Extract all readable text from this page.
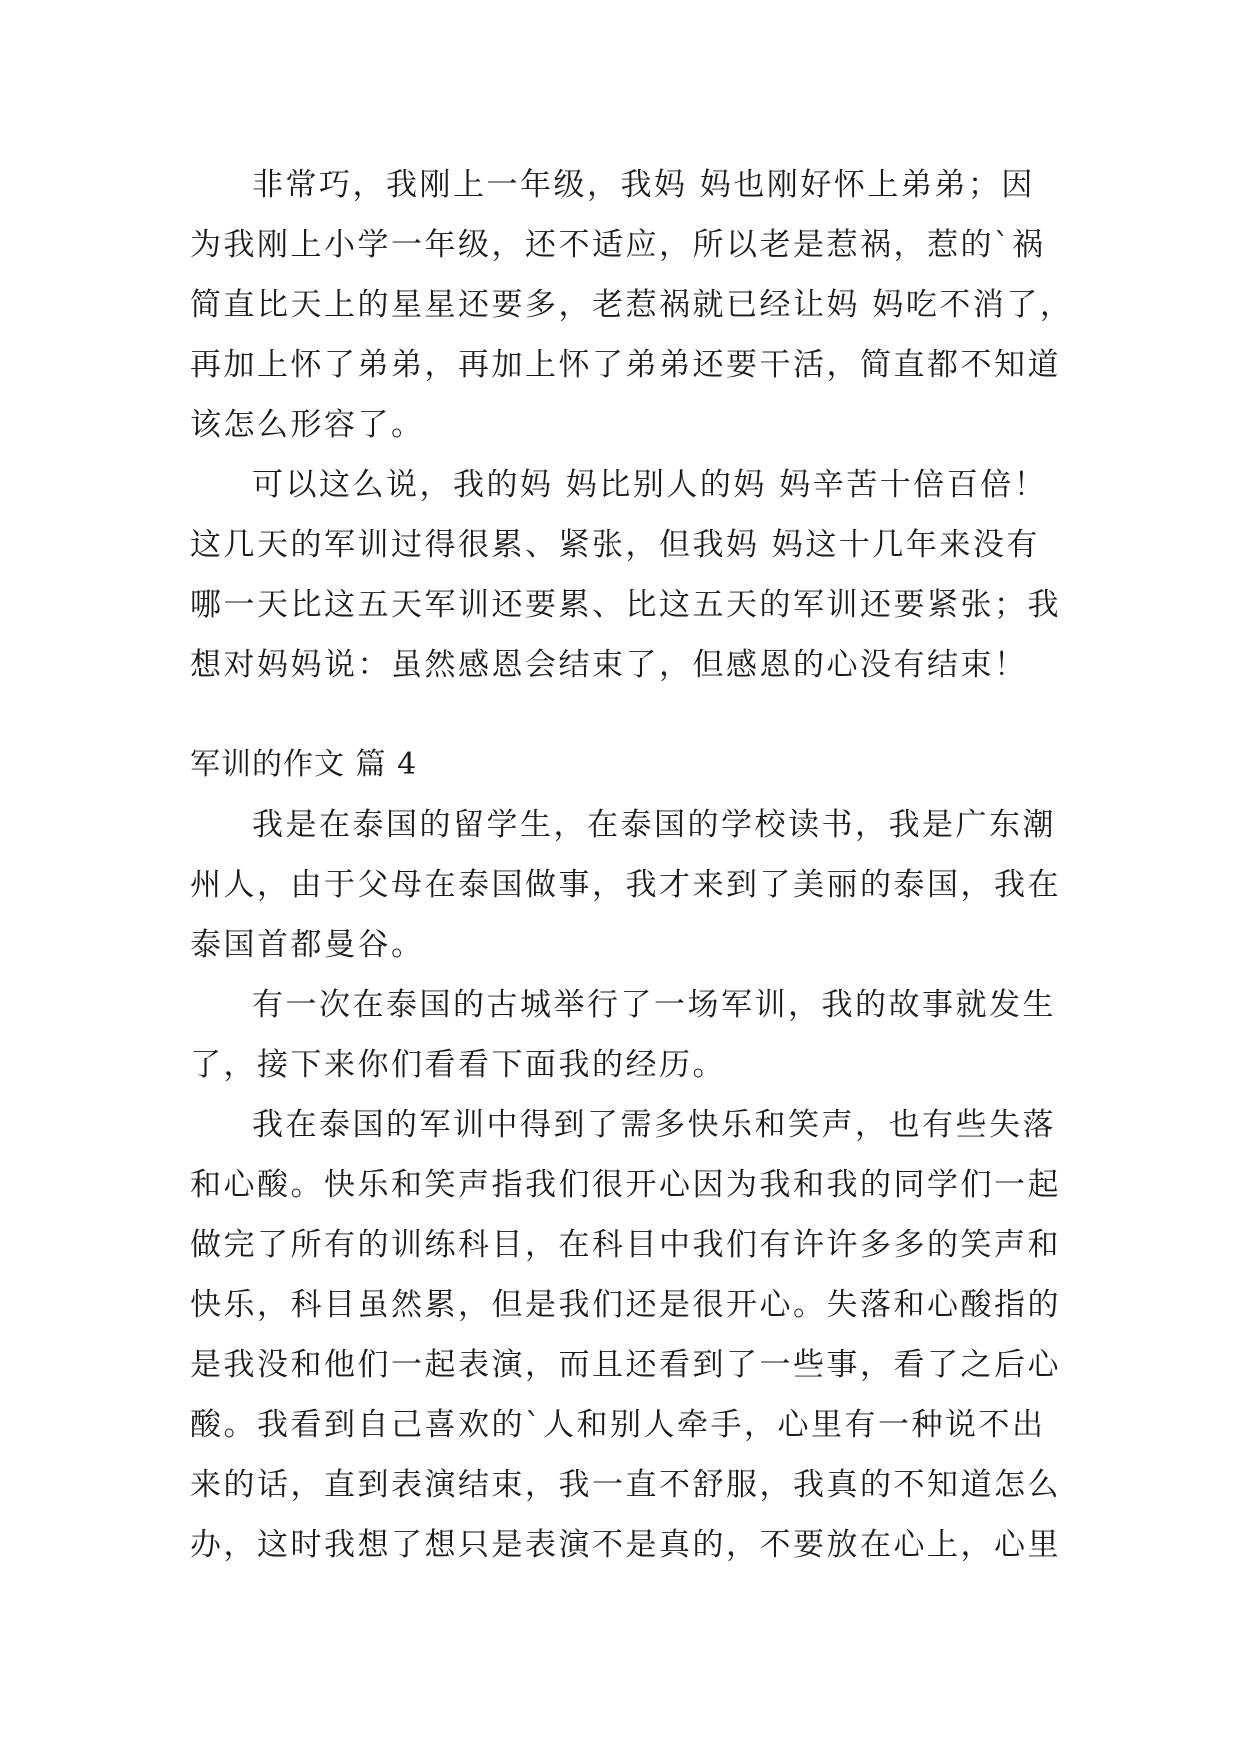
非常巧，我刚上一年级，我妈 妈也刚好怀上弟弟；因
为我刚上小学一年级，还不适应，所以老是惹祸，惹的`祸
简直比天上的星星还要多，老惹祸就已经让妈 妈吃不消了，
再加上怀了弟弟，再加上怀了弟弟还要干活，简直都不知道
该怎么形容了。
可以这么说，我的妈 妈比别人的妈 妈辛苦十倍百倍！
这几天的军训过得很累、紧张，但我妈 妈这十几年来没有
哪一天比这五天军训还要累、比这五天的军训还要紧张；我
想对妈妈说：虽然感恩会结束了，但感恩的心没有结束！
军训的作文 篇 4
我是在泰国的留学生，在泰国的学校读书，我是广东潮
州人，由于父母在泰国做事，我才来到了美丽的泰国，我在
泰国首都曼谷。
有一次在泰国的古城举行了一场军训，我的故事就发生
了，接下来你们看看下面我的经历。
我在泰国的军训中得到了需多快乐和笑声，也有些失落
和心酸。快乐和笑声指我们很开心因为我和我的同学们一起
做完了所有的训练科目，在科目中我们有许许多多的笑声和
快乐，科目虽然累，但是我们还是很开心。失落和心酸指的
是我没和他们一起表演，而且还看到了一些事，看了之后心
酸。我看到自己喜欢的`人和别人牵手，心里有一种说不出
来的话，直到表演结束，我一直不舒服，我真的不知道怎么
办，这时我想了想只是表演不是真的，不要放在心上，心里
